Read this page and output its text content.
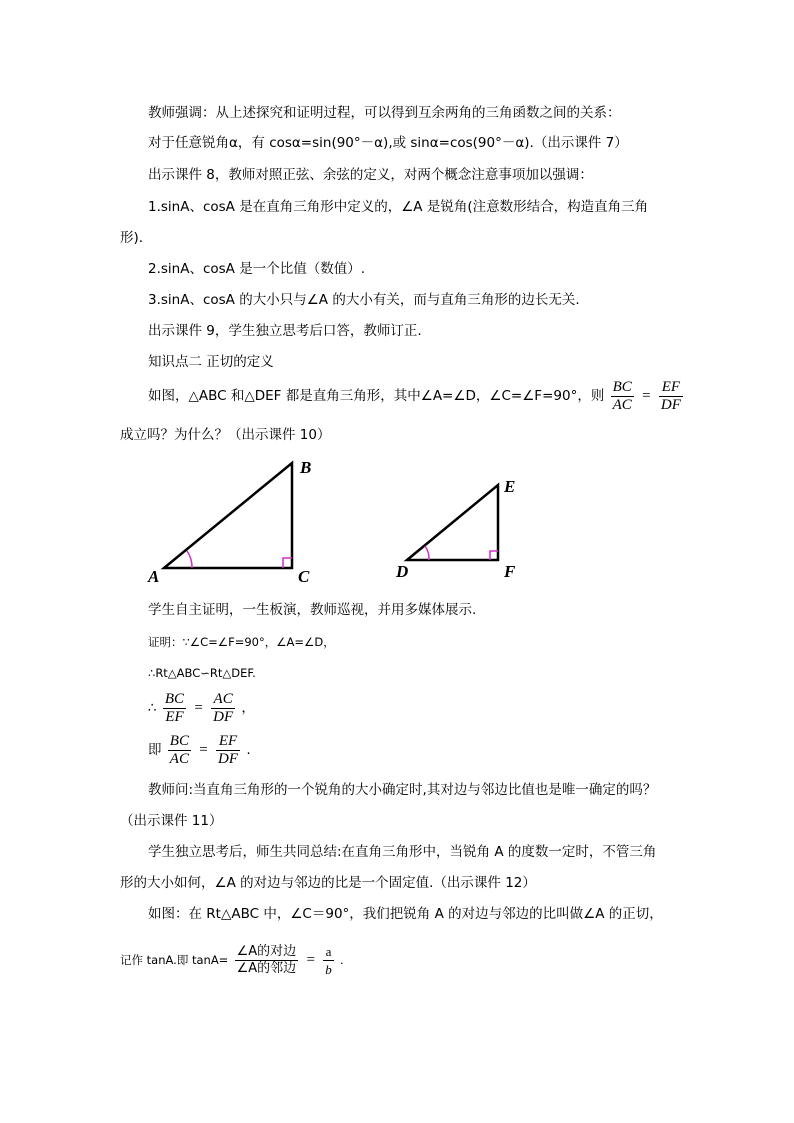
教师强调：从上述探究和证明过程，可以得到互余两角的三角函数之间的关系：
对于任意锐角α，有 cosα=sin(90°－α),或 sinα=cos(90°－α).（出示课件 7）
出示课件 8，教师对照正弦、余弦的定义，对两个概念注意事项加以强调：
1.sinA、cosA 是在直角三角形中定义的，∠A 是锐角(注意数形结合，构造直角三角
形).
2.sinA、cosA 是一个比值（数值）.
3.sinA、cosA 的大小只与∠A 的大小有关，而与直角三角形的边长无关.
出示课件 9，学生独立思考后口答，教师订正.
知识点二 正切的定义
如图，△ABC 和△DEF 都是直角三角形，其中∠A=∠D，∠C=∠F=90°，则 $\frac{BC}{AC} = \frac{EF}{DF}$
成立吗？为什么？（出示课件 10）
A
B
C	D
E
F
学生自主证明，一生板演，教师巡视，并用多媒体展示.
证明：∵∠C=∠F=90°，∠A=∠D，
∴Rt△ABC∽Rt△DEF.
∴ $\frac{BC}{EF} = \frac{AC}{DF}$ ，
即 $\frac{BC}{AC} = \frac{EF}{DF}$ .
教师问:当直角三角形的一个锐角的大小确定时,其对边与邻边比值也是唯一确定的吗？
（出示课件 11）
学生独立思考后，师生共同总结:在直角三角形中，当锐角 A 的度数一定时，不管三角
形的大小如何，∠A 的对边与邻边的比是一个固定值.（出示课件 12）
如图：在 Rt△ABC 中，∠C＝90°，我们把锐角 A 的对边与邻边的比叫做∠A 的正切，
记作 tanA.即 $\tan A= \frac{\text{∠A的对边}}{\text{∠A的邻边}} = \frac{a}{b}$ .
